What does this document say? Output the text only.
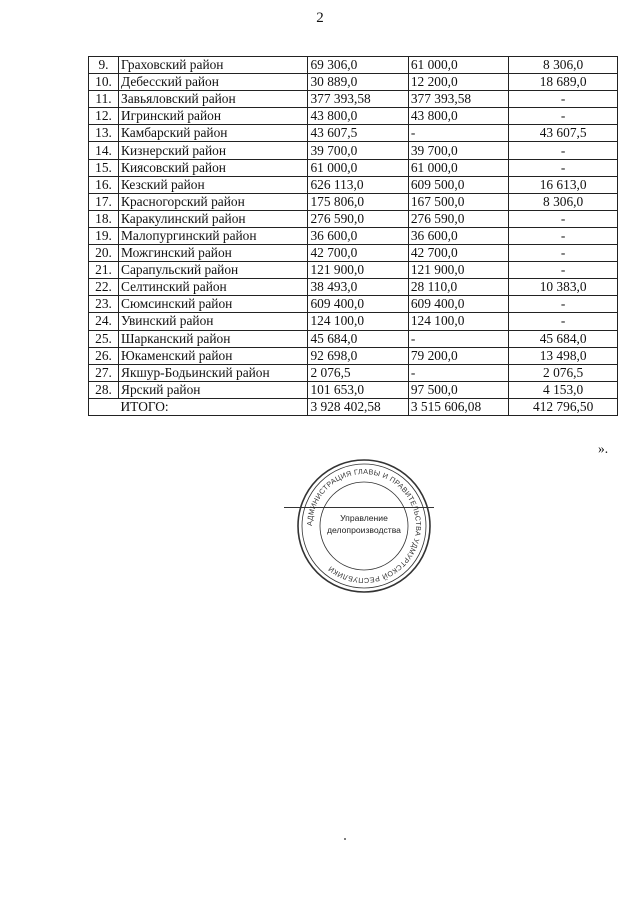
2
9.	Граховский район	69 306,0	61 000,0	8 306,0
10.	Дебесский район	30 889,0	12 200,0	18 689,0
11.	Завьяловский район	377 393,58	377 393,58	-
12.	Игринский район	43 800,0	43 800,0	-
13.	Камбарский район	43 607,5	-	43 607,5
14.	Кизнерский район	39 700,0	39 700,0	-
15.	Киясовский район	61 000,0	61 000,0	-
16.	Кезский район	626 113,0	609 500,0	16 613,0
17.	Красногорский район	175 806,0	167 500,0	8 306,0
18.	Каракулинский район	276 590,0	276 590,0	-
19.	Малопургинский район	36 600,0	36 600,0	-
20.	Можгинский район	42 700,0	42 700,0	-
21.	Сарапульский район	121 900,0	121 900,0	-
22.	Селтинский район	38 493,0	28 110,0	10 383,0
23.	Сюмсинский район	609 400,0	609 400,0	-
24.	Увинский район	124 100,0	124 100,0	-
25.	Шарканский район	45 684,0	-	45 684,0
26.	Юкаменский район	92 698,0	79 200,0	13 498,0
27.	Якшур-Бодьинский район	2 076,5	-	2 076,5
28.	Ярский район	101 653,0	97 500,0	4 153,0
	ИТОГО:	3 928 402,58	3 515 606,08	412 796,50
».
АДМИНИСТРАЦИЯ ГЛАВЫ И ПРАВИТЕЛЬСТВА УДМУРТСКОЙ РЕСПУБЛИКИ
Управление
делопроизводства
